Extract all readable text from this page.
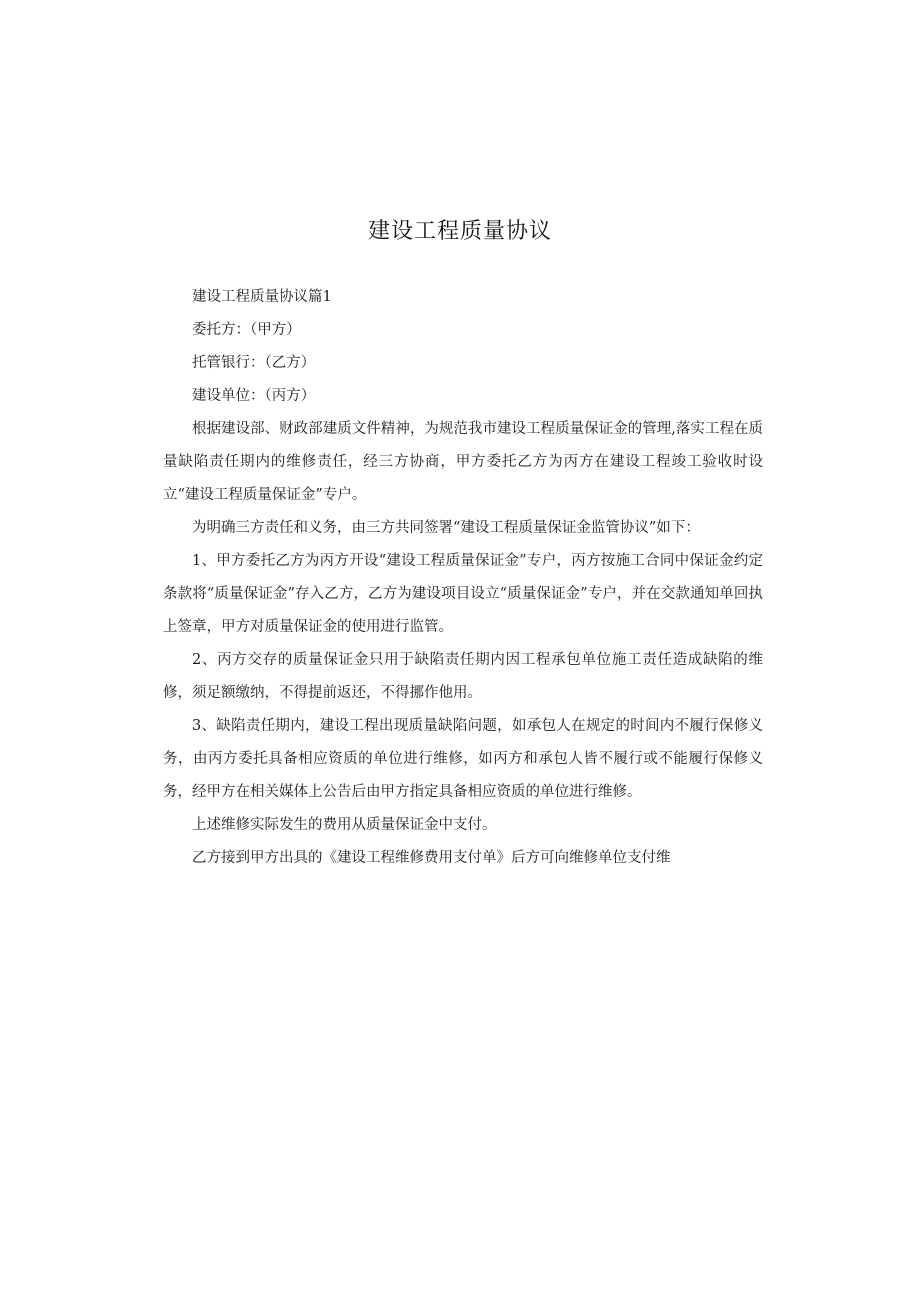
建设工程质量协议

建设工程质量协议篇1

委托方：（甲方）

托管银行：（乙方）

建设单位：（丙方）

根据建设部、财政部建质文件精神，为规范我市建设工程质量保证金的管理,落实工程在质量缺陷责任期内的维修责任，经三方协商，甲方委托乙方为丙方在建设工程竣工验收时设立“建设工程质量保证金”专户。

为明确三方责任和义务，由三方共同签署“建设工程质量保证金监管协议”如下：

1、甲方委托乙方为丙方开设“建设工程质量保证金”专户，丙方按施工合同中保证金约定条款将“质量保证金”存入乙方，乙方为建设项目设立“质量保证金”专户，并在交款通知单回执上签章，甲方对质量保证金的使用进行监管。

2、丙方交存的质量保证金只用于缺陷责任期内因工程承包单位施工责任造成缺陷的维修，须足额缴纳，不得提前返还，不得挪作他用。

3、缺陷责任期内，建设工程出现质量缺陷问题，如承包人在规定的时间内不履行保修义务，由丙方委托具备相应资质的单位进行维修，如丙方和承包人皆不履行或不能履行保修义务，经甲方在相关媒体上公告后由甲方指定具备相应资质的单位进行维修。

上述维修实际发生的费用从质量保证金中支付。

乙方接到甲方出具的《建设工程维修费用支付单》后方可向维修单位支付维
